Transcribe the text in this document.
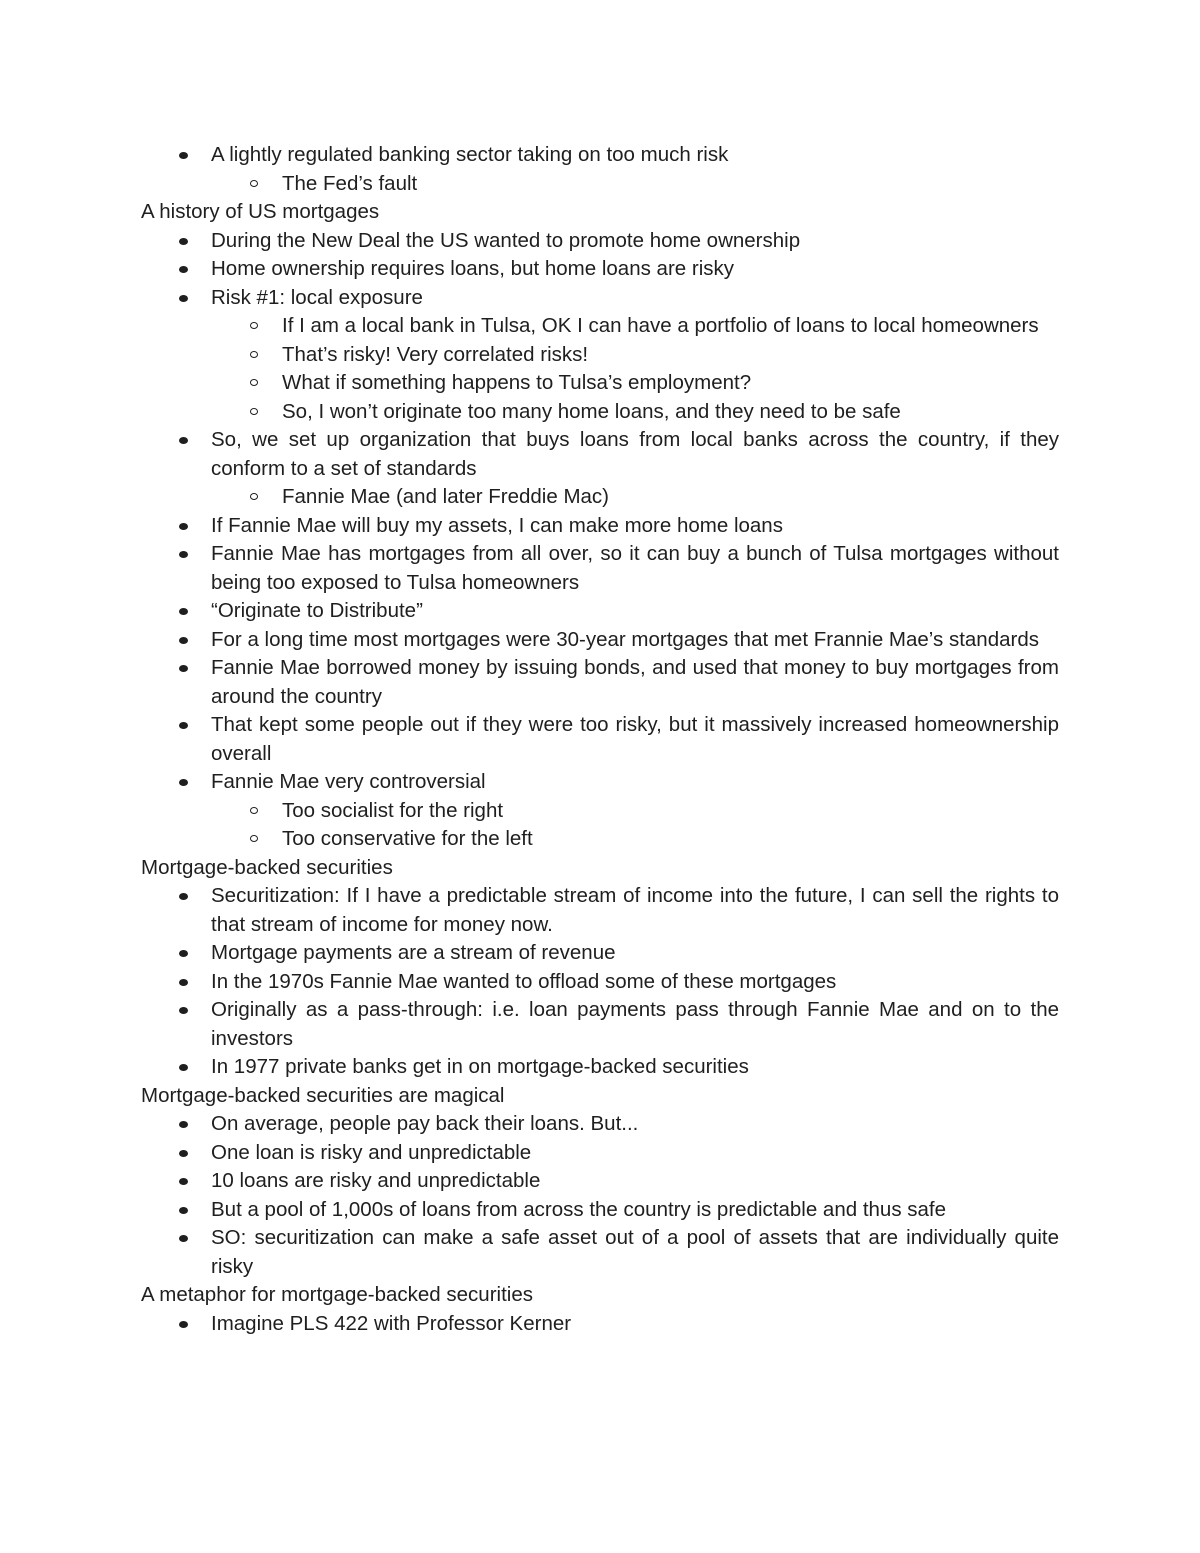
A lightly regulated banking sector taking on too much risk
The Fed’s fault
A history of US mortgages
During the New Deal the US wanted to promote home ownership
Home ownership requires loans, but home loans are risky
Risk #1: local exposure
If I am a local bank in Tulsa, OK I can have a portfolio of loans to local homeowners
That’s risky! Very correlated risks!
What if something happens to Tulsa’s employment?
So, I won’t originate too many home loans, and they need to be safe
So, we set up organization that buys loans from local banks across the country, if they conform to a set of standards
Fannie Mae (and later Freddie Mac)
If Fannie Mae will buy my assets, I can make more home loans
Fannie Mae has mortgages from all over, so it can buy a bunch of Tulsa mortgages without being too exposed to Tulsa homeowners
“Originate to Distribute”
For a long time most mortgages were 30-year mortgages that met Frannie Mae’s standards
Fannie Mae borrowed money by issuing bonds, and used that money to buy mortgages from around the country
That kept some people out if they were too risky, but it massively increased homeownership overall
Fannie Mae very controversial
Too socialist for the right
Too conservative for the left
Mortgage-backed securities
Securitization: If I have a predictable stream of income into the future, I can sell the rights to that stream of income for money now.
Mortgage payments are a stream of revenue
In the 1970s Fannie Mae wanted to offload some of these mortgages
Originally as a pass-through: i.e. loan payments pass through Fannie Mae and on to the investors
In 1977 private banks get in on mortgage-backed securities
Mortgage-backed securities are magical
On average, people pay back their loans. But...
One loan is risky and unpredictable
10 loans are risky and unpredictable
But a pool of 1,000s of loans from across the country is predictable and thus safe
SO: securitization can make a safe asset out of a pool of assets that are individually quite risky
A metaphor for mortgage-backed securities
Imagine PLS 422 with Professor Kerner
